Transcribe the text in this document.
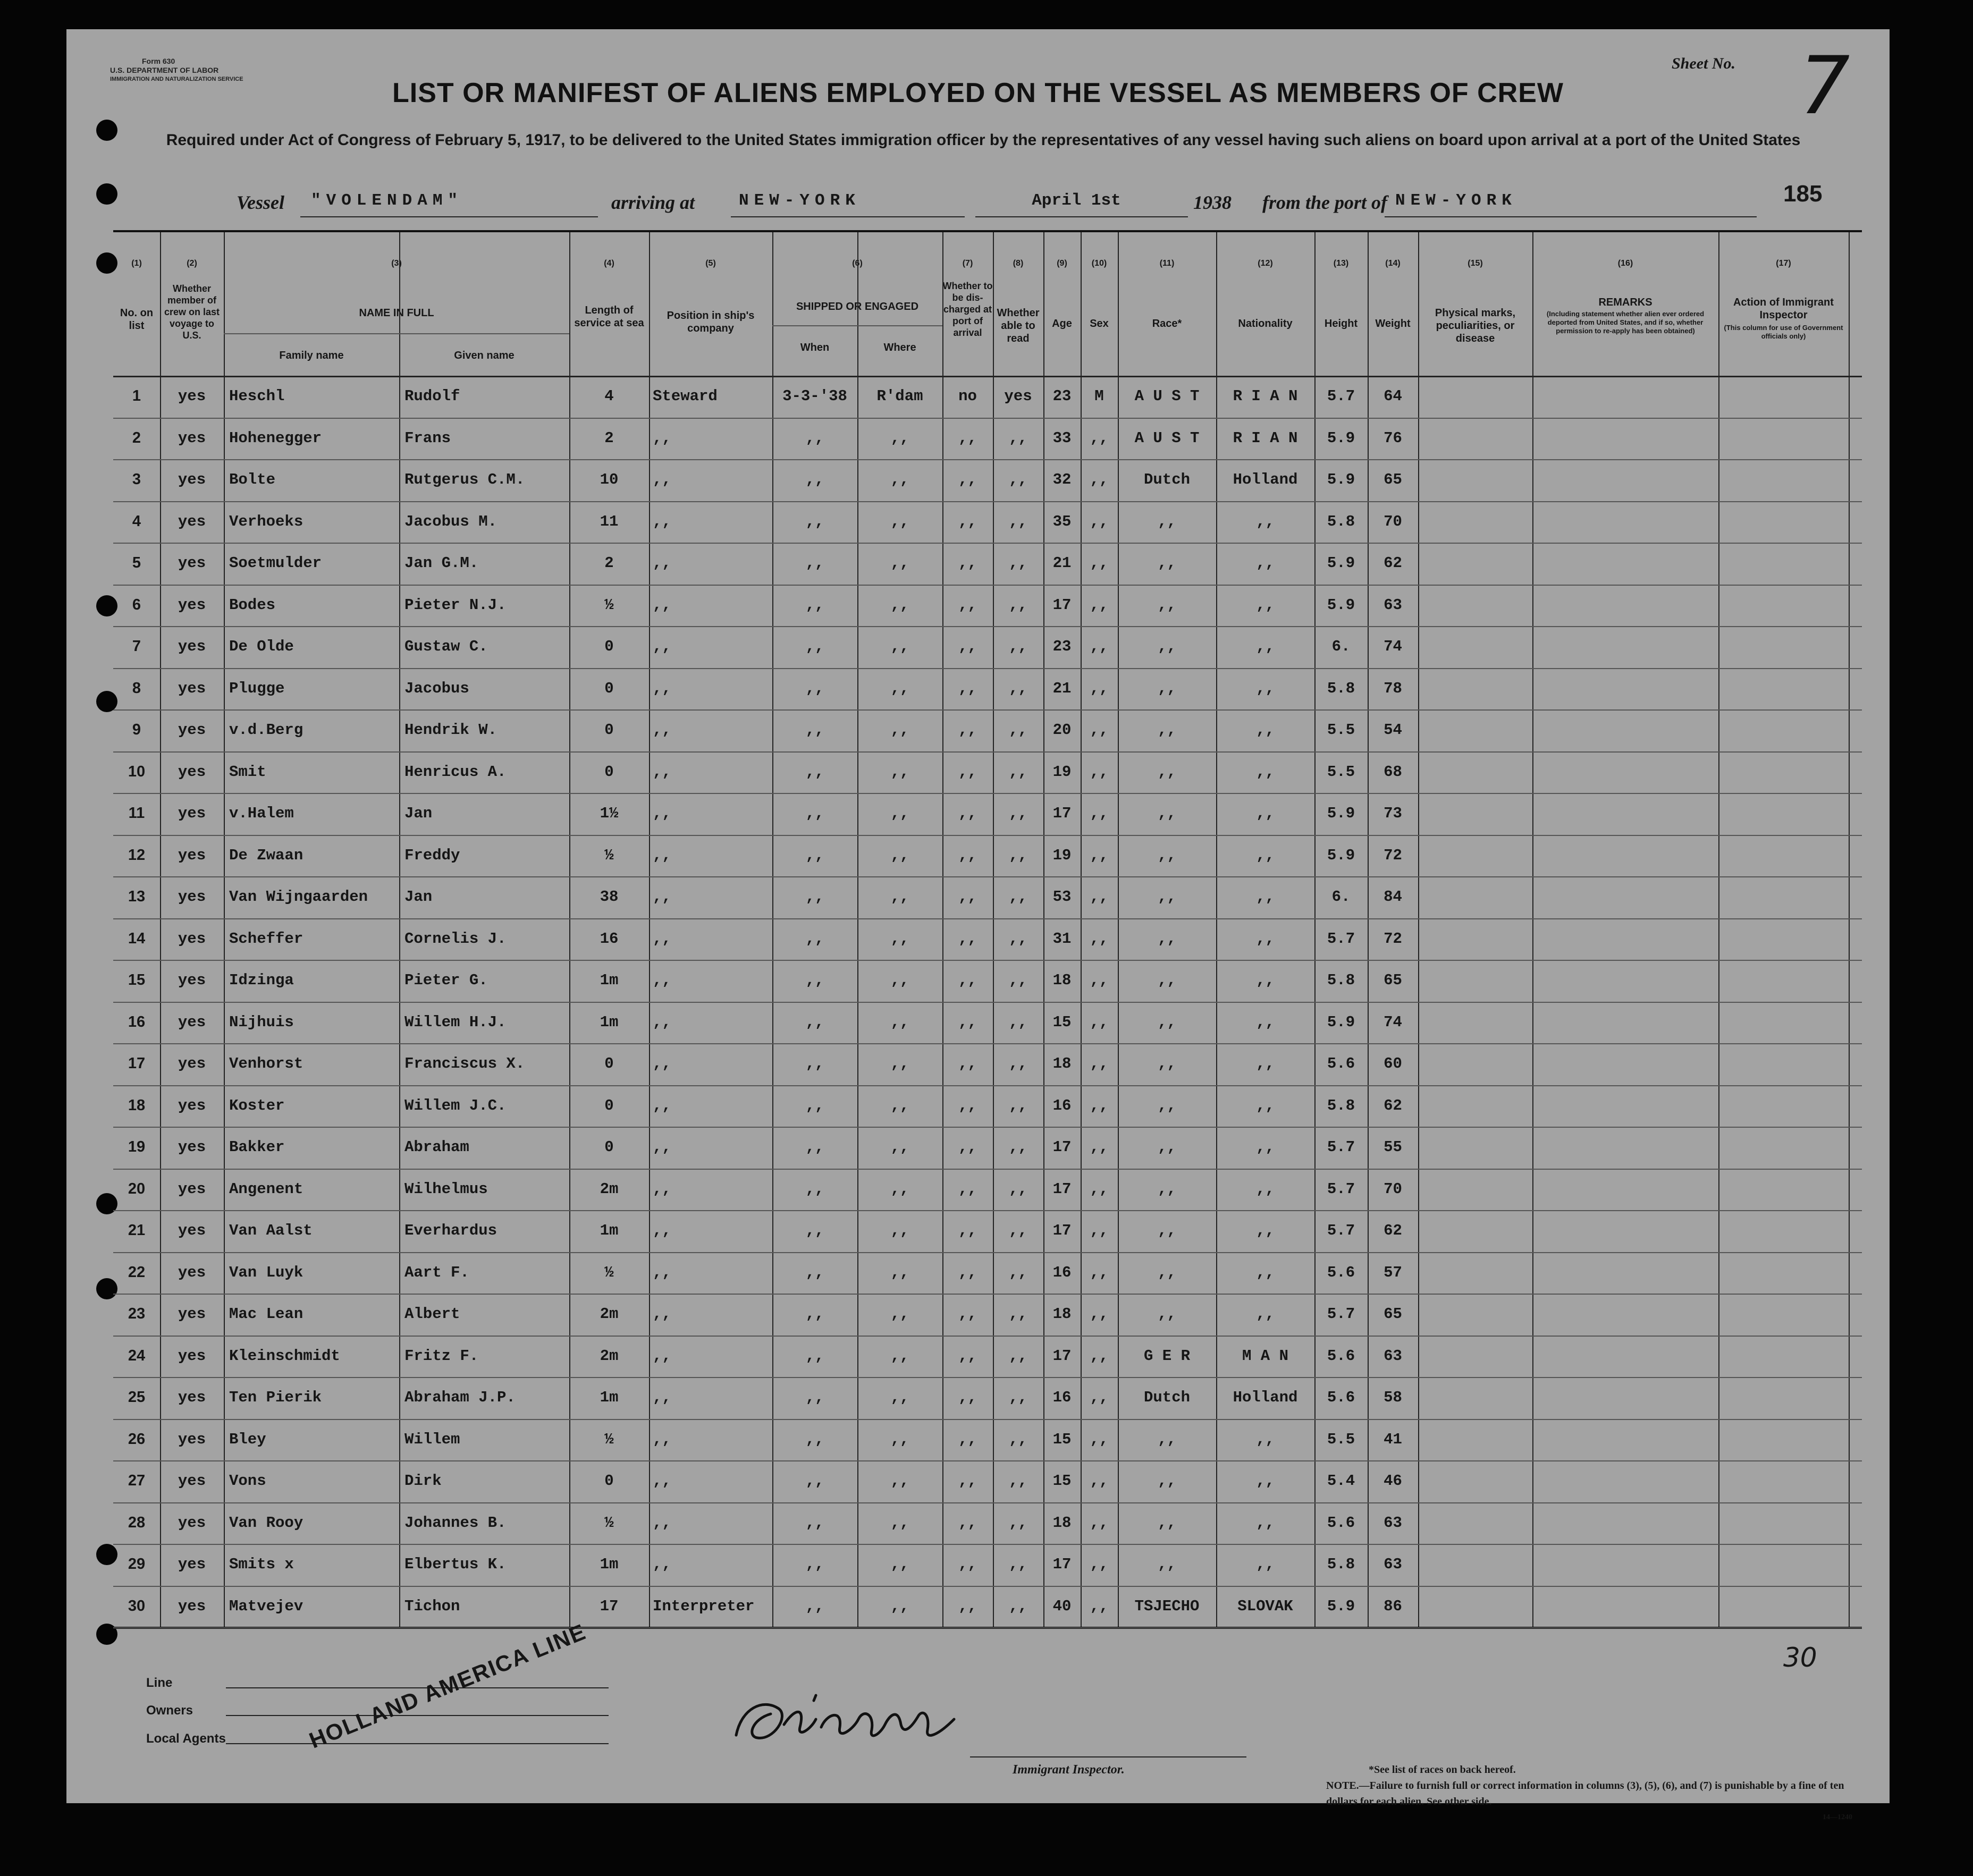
Form 630
U.S. DEPARTMENT OF LABOR
IMMIGRATION AND NATURALIZATION SERVICE
Sheet No. 7
LIST OR MANIFEST OF ALIENS EMPLOYED ON THE VESSEL AS MEMBERS OF CREW
Required under Act of Congress of February 5, 1917, to be delivered to the United States immigration officer by the representatives of any vessel having such aliens on board upon arrival at a port of the United States
Vessel "VOLENDAM"	arriving at	NEW-YORK	April 1st	1938 from the port of NEW-YORK	185
No. on list
Whether member of crew on last voyage to U.S.
NAME IN FULL
Family name	Given name
Length of service at sea
Position in ship's company
SHIPPED OR ENGAGED
When	Where
Whether to be dis-charged at port of arrival
Whether able to read
Age	Sex	Race*	Nationality	Height	Weight
Physical marks, peculiarities, or disease
REMARKS
(Including statement whether alien ever ordered deported from United States, and if so, whether permission to re-apply has been obtained)
Action of Immigrant Inspector
(This column for use of Government officials only)
(1)	(2)	(3)	(4)	(5)	(6)	(7)	(8)	(9)	(10)	(11)	(12)	(13)	(14)	(15)	(16)	(17)
1	yes	Heschl	Rudolf	4	Steward	3-3-'38	R'dam	no	yes	23	M	A U S T	R I A N	5.7	64
2	yes	Hohenegger	Frans	2	,,	,,	,,	,,	,,	33	,,	A U S T	R I A N	5.9	76
3	yes	Bolte	Rutgerus C.M.	10	,,	,,	,,	,,	,,	32	,,	Dutch	Holland	5.9	65
4	yes	Verhoeks	Jacobus M.	11	,,	,,	,,	,,	,,	35	,,	,,	,,	5.8	70
5	yes	Soetmulder	Jan G.M.	2	,,	,,	,,	,,	,,	21	,,	,,	,,	5.9	62
6	yes	Bodes	Pieter N.J.	½	,,	,,	,,	,,	,,	17	,,	,,	,,	5.9	63
7	yes	De Olde	Gustaw C.	0	,,	,,	,,	,,	,,	23	,,	,,	,,	6.	74
8	yes	Plugge	Jacobus	0	,,	,,	,,	,,	,,	21	,,	,,	,,	5.8	78
9	yes	v.d.Berg	Hendrik W.	0	,,	,,	,,	,,	,,	20	,,	,,	,,	5.5	54
10	yes	Smit	Henricus A.	0	,,	,,	,,	,,	,,	19	,,	,,	,,	5.5	68
11	yes	v.Halem	Jan	1½	,,	,,	,,	,,	,,	17	,,	,,	,,	5.9	73
12	yes	De Zwaan	Freddy	½	,,	,,	,,	,,	,,	19	,,	,,	,,	5.9	72
13	yes	Van Wijngaarden	Jan	38	,,	,,	,,	,,	,,	53	,,	,,	,,	6.	84
14	yes	Scheffer	Cornelis J.	16	,,	,,	,,	,,	,,	31	,,	,,	,,	5.7	72
15	yes	Idzinga	Pieter G.	1m	,,	,,	,,	,,	,,	18	,,	,,	,,	5.8	65
16	yes	Nijhuis	Willem H.J.	1m	,,	,,	,,	,,	,,	15	,,	,,	,,	5.9	74
17	yes	Venhorst	Franciscus X.	0	,,	,,	,,	,,	,,	18	,,	,,	,,	5.6	60
18	yes	Koster	Willem J.C.	0	,,	,,	,,	,,	,,	16	,,	,,	,,	5.8	62
19	yes	Bakker	Abraham	0	,,	,,	,,	,,	,,	17	,,	,,	,,	5.7	55
20	yes	Angenent	Wilhelmus	2m	,,	,,	,,	,,	,,	17	,,	,,	,,	5.7	70
21	yes	Van Aalst	Everhardus	1m	,,	,,	,,	,,	,,	17	,,	,,	,,	5.7	62
22	yes	Van Luyk	Aart F.	½	,,	,,	,,	,,	,,	16	,,	,,	,,	5.6	57
23	yes	Mac Lean	Albert	2m	,,	,,	,,	,,	,,	18	,,	,,	,,	5.7	65
24	yes	Kleinschmidt	Fritz F.	2m	,,	,,	,,	,,	,,	17	,,	G E R	M A N	5.6	63
25	yes	Ten Pierik	Abraham J.P.	1m	,,	,,	,,	,,	,,	16	,,	Dutch	Holland	5.6	58
26	yes	Bley	Willem	½	,,	,,	,,	,,	,,	15	,,	,,	,,	5.5	41
27	yes	Vons	Dirk	0	,,	,,	,,	,,	,,	15	,,	,,	,,	5.4	46
28	yes	Van Rooy	Johannes B.	½	,,	,,	,,	,,	,,	18	,,	,,	,,	5.6	63
29	yes	Smits x	Elbertus K.	1m	,,	,,	,,	,,	,,	17	,,	,,	,,	5.8	63
30	yes	Matvejev	Tichon	17	Interpreter	,,	,,	,,	,,	40	,,	TSJECHO	SLOVAK	5.9	86
Line
Owners
Local Agents	HOLLAND AMERICA LINE
Immigrant Inspector.	*See list of races on back hereof.
NOTE.—Failure to furnish full or correct information in columns (3), (5), (6), and (7) is punishable by a fine of ten dollars for each alien. See other side.
14—1240
30
